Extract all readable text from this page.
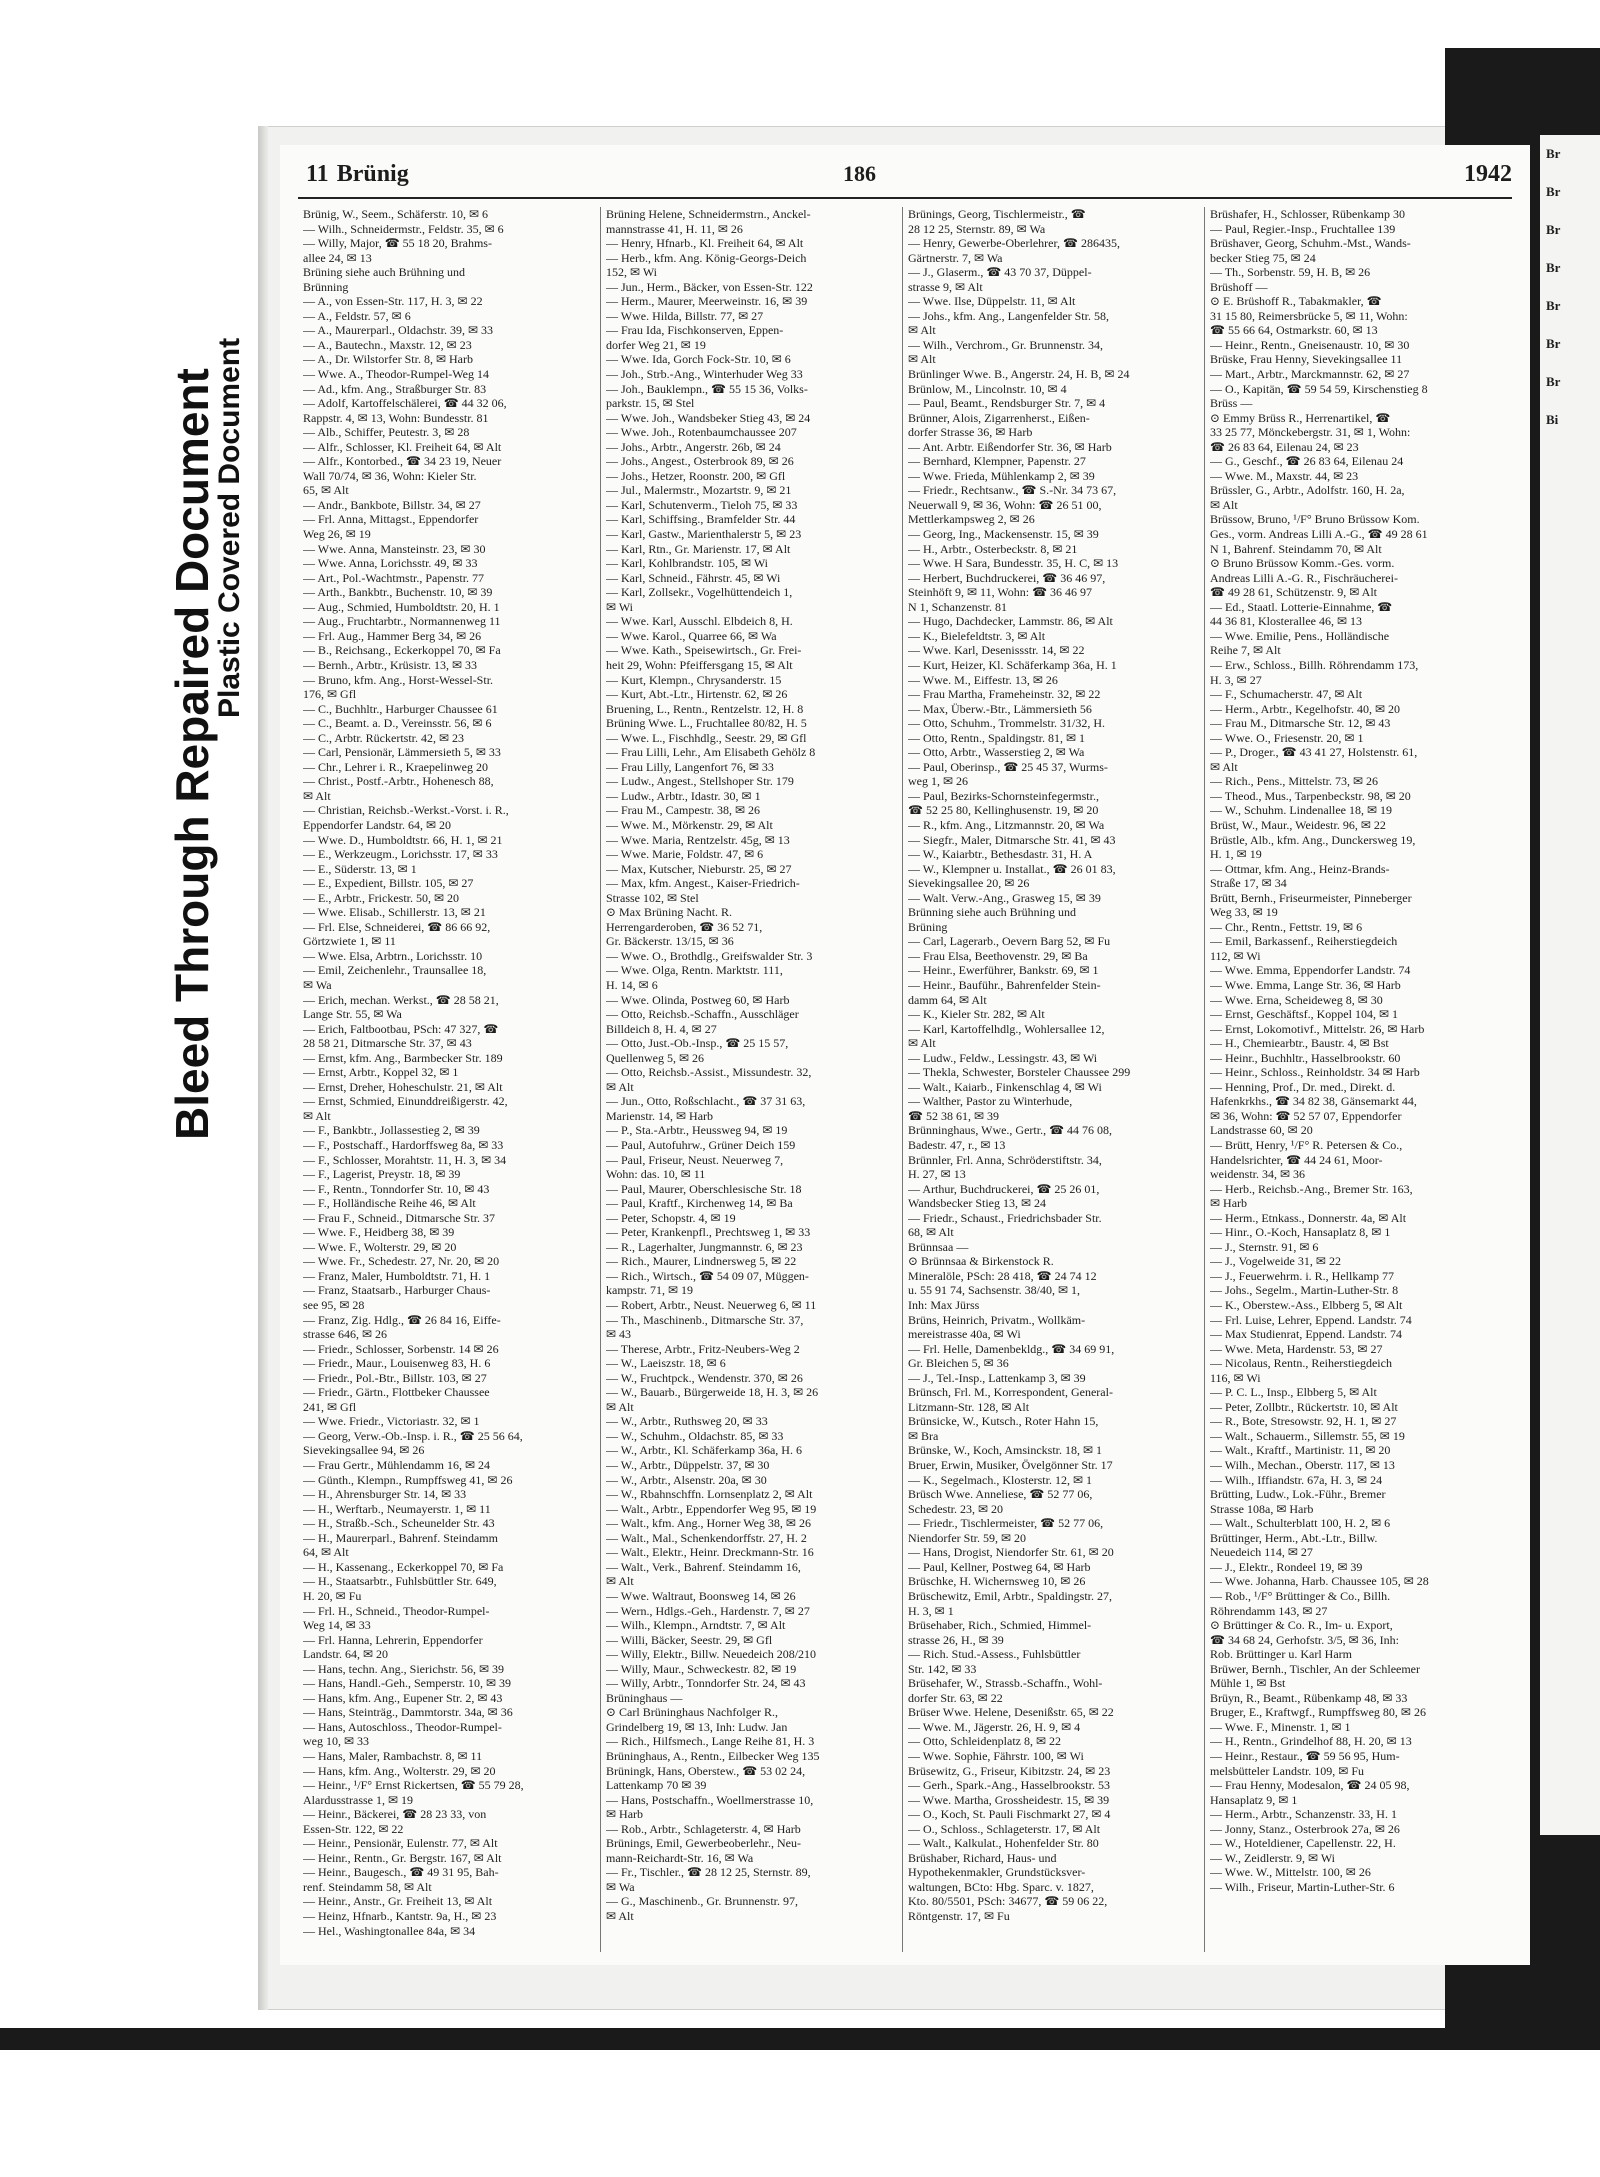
Bleed Through Repaired Document
Plastic Covered Document
Br
Br
Br
Br
Br
Br
Br
Bi
11 Brünig	186	1942

Brünig, W., Seem., Schäferstr. 10, ✉ 6

— Wilh., Schneidermstr., Feldstr. 35, ✉ 6

— Willy, Major, ☎ 55 18 20, Brahms-

allee 24, ✉ 13

Brüning siehe auch Brühning und

Brünning

— A., von Essen-Str. 117, H. 3, ✉ 22

— A., Feldstr. 57, ✉ 6

— A., Maurerparl., Oldachstr. 39, ✉ 33

— A., Bautechn., Maxstr. 12, ✉ 23

— A., Dr. Wilstorfer Str. 8, ✉ Harb

— Wwe. A., Theodor-Rumpel-Weg 14

— Ad., kfm. Ang., Straßburger Str. 83

— Adolf, Kartoffelschälerei, ☎ 44 32 06,

Rappstr. 4, ✉ 13, Wohn: Bundesstr. 81

— Alb., Schiffer, Peutestr. 3, ✉ 28

— Alfr., Schlosser, Kl. Freiheit 64, ✉ Alt

— Alfr., Kontorbed., ☎ 34 23 19, Neuer

Wall 70/74, ✉ 36, Wohn: Kieler Str.

65, ✉ Alt

— Andr., Bankbote, Billstr. 34, ✉ 27

— Frl. Anna, Mittagst., Eppendorfer

Weg 26, ✉ 19

— Wwe. Anna, Mansteinstr. 23, ✉ 30

— Wwe. Anna, Lorichsstr. 49, ✉ 33

— Art., Pol.-Wachtmstr., Papenstr. 77

— Arth., Bankbtr., Buchenstr. 10, ✉ 39

— Aug., Schmied, Humboldtstr. 20, H. 1

— Aug., Fruchtarbtr., Normannenweg 11

— Frl. Aug., Hammer Berg 34, ✉ 26

— B., Reichsang., Eckerkoppel 70, ✉ Fa

— Bernh., Arbtr., Krüsistr. 13, ✉ 33

— Bruno, kfm. Ang., Horst-Wessel-Str.

176, ✉ Gfl

— C., Buchhltr., Harburger Chaussee 61

— C., Beamt. a. D., Vereinsstr. 56, ✉ 6

— C., Arbtr. Rückertstr. 42, ✉ 23

— Carl, Pensionär, Lämmersieth 5, ✉ 33

— Chr., Lehrer i. R., Kraepelinweg 20

— Christ., Postf.-Arbtr., Hohenesch 88,

✉ Alt

— Christian, Reichsb.-Werkst.-Vorst. i. R.,

Eppendorfer Landstr. 64, ✉ 20

— Wwe. D., Humboldtstr. 66, H. 1, ✉ 21

— E., Werkzeugm., Lorichsstr. 17, ✉ 33

— E., Süderstr. 13, ✉ 1

— E., Expedient, Billstr. 105, ✉ 27

— E., Arbtr., Frickestr. 50, ✉ 20

— Wwe. Elisab., Schillerstr. 13, ✉ 21

— Frl. Else, Schneiderei, ☎ 86 66 92,

Görtzwiete 1, ✉ 11

— Wwe. Elsa, Arbtrn., Lorichsstr. 10

— Emil, Zeichenlehr., Traunsallee 18,

✉ Wa

— Erich, mechan. Werkst., ☎ 28 58 21,

Lange Str. 55, ✉ Wa

— Erich, Faltbootbau, PSch: 47 327, ☎

28 58 21, Ditmarsche Str. 37, ✉ 43

— Ernst, kfm. Ang., Barmbecker Str. 189

— Ernst, Arbtr., Koppel 32, ✉ 1

— Ernst, Dreher, Hoheschulstr. 21, ✉ Alt

— Ernst, Schmied, Einunddreißigerstr. 42,

✉ Alt

— F., Bankbtr., Jollassestieg 2, ✉ 39

— F., Postschaff., Hardorffsweg 8a, ✉ 33

— F., Schlosser, Morahtstr. 11, H. 3, ✉ 34

— F., Lagerist, Preystr. 18, ✉ 39

— F., Rentn., Tonndorfer Str. 10, ✉ 43

— F., Holländische Reihe 46, ✉ Alt

— Frau F., Schneid., Ditmarsche Str. 37

— Wwe. F., Heidberg 38, ✉ 39

— Wwe. F., Wolterstr. 29, ✉ 20

— Wwe. Fr., Schedestr. 27, Nr. 20, ✉ 20

— Franz, Maler, Humboldtstr. 71, H. 1

— Franz, Staatsarb., Harburger Chaus-

see 95, ✉ 28

— Franz, Zig. Hdlg., ☎ 26 84 16, Eiffe-

strasse 646, ✉ 26

— Friedr., Schlosser, Sorbenstr. 14 ✉ 26

— Friedr., Maur., Louisenweg 83, H. 6

— Friedr., Pol.-Btr., Billstr. 103, ✉ 27

— Friedr., Gärtn., Flottbeker Chaussee

241, ✉ Gfl

— Wwe. Friedr., Victoriastr. 32, ✉ 1

— Georg, Verw.-Ob.-Insp. i. R., ☎ 25 56 64,

Sievekingsallee 94, ✉ 26

— Frau Gertr., Mühlendamm 16, ✉ 24

— Günth., Klempn., Rumpffsweg 41, ✉ 26

— H., Ahrensburger Str. 14, ✉ 33

— H., Werftarb., Neumayerstr. 1, ✉ 11

— H., Straßb.-Sch., Scheunelder Str. 43

— H., Maurerparl., Bahrenf. Steindamm

64, ✉ Alt

— H., Kassenang., Eckerkoppel 70, ✉ Fa

— H., Staatsarbtr., Fuhlsbüttler Str. 649,

H. 20, ✉ Fu

— Frl. H., Schneid., Theodor-Rumpel-

Weg 14, ✉ 33

— Frl. Hanna, Lehrerin, Eppendorfer

Landstr. 64, ✉ 20

— Hans, techn. Ang., Sierichstr. 56, ✉ 39

— Hans, Handl.-Geh., Semperstr. 10, ✉ 39

— Hans, kfm. Ang., Eupener Str. 2, ✉ 43

— Hans, Steinträg., Dammtorstr. 34a, ✉ 36

— Hans, Autoschloss., Theodor-Rumpel-

weg 10, ✉ 33

— Hans, Maler, Rambachstr. 8, ✉ 11

— Hans, kfm. Ang., Wolterstr. 29, ✉ 20

— Heinr., ¹/F° Ernst Rickertsen, ☎ 55 79 28,

Alardusstrasse 1, ✉ 19

— Heinr., Bäckerei, ☎ 28 23 33, von

Essen-Str. 122, ✉ 22

— Heinr., Pensionär, Eulenstr. 77, ✉ Alt

— Heinr., Rentn., Gr. Bergstr. 167, ✉ Alt

— Heinr., Baugesch., ☎ 49 31 95, Bah-

renf. Steindamm 58, ✉ Alt

— Heinr., Anstr., Gr. Freiheit 13, ✉ Alt

— Heinz, Hfnarb., Kantstr. 9a, H., ✉ 23

— Hel., Washingtonallee 84a, ✉ 34

Brüning Helene, Schneidermstrn., Anckel-

mannstrasse 41, H. 11, ✉ 26

— Henry, Hfnarb., Kl. Freiheit 64, ✉ Alt

— Herb., kfm. Ang. König-Georgs-Deich

152, ✉ Wi

— Jun., Herm., Bäcker, von Essen-Str. 122

— Herm., Maurer, Meerweinstr. 16, ✉ 39

— Wwe. Hilda, Billstr. 77, ✉ 27

— Frau Ida, Fischkonserven, Eppen-

dorfer Weg 21, ✉ 19

— Wwe. Ida, Gorch Fock-Str. 10, ✉ 6

— Joh., Strb.-Ang., Winterhuder Weg 33

— Joh., Bauklempn., ☎ 55 15 36, Volks-

parkstr. 15, ✉ Stel

— Wwe. Joh., Wandsbeker Stieg 43, ✉ 24

— Wwe. Joh., Rotenbaumchaussee 207

— Johs., Arbtr., Angerstr. 26b, ✉ 24

— Johs., Angest., Osterbrook 89, ✉ 26

— Johs., Hetzer, Roonstr. 200, ✉ Gfl

— Jul., Malermstr., Mozartstr. 9, ✉ 21

— Karl, Schutenverm., Tieloh 75, ✉ 33

— Karl, Schiffsing., Bramfelder Str. 44

— Karl, Gastw., Marienthalerstr 5, ✉ 23

— Karl, Rtn., Gr. Marienstr. 17, ✉ Alt

— Karl, Kohlbrandstr. 105, ✉ Wi

— Karl, Schneid., Fährstr. 45, ✉ Wi

— Karl, Zollsekr., Vogelhüttendeich 1,

✉ Wi

— Wwe. Karl, Ausschl. Elbdeich 8, H.

— Wwe. Karol., Quarree 66, ✉ Wa

— Wwe. Kath., Speisewirtsch., Gr. Frei-

heit 29, Wohn: Pfeiffersgang 15, ✉ Alt

— Kurt, Klempn., Chrysanderstr. 15

— Kurt, Abt.-Ltr., Hirtenstr. 62, ✉ 26

Bruening, L., Rentn., Rentzelstr. 12, H. 8

Brüning Wwe. L., Fruchtallee 80/82, H. 5

— Wwe. L., Fischhdlg., Seestr. 29, ✉ Gfl

— Frau Lilli, Lehr., Am Elisabeth Gehölz 8

— Frau Lilly, Langenfort 76, ✉ 33

— Ludw., Angest., Stellshoper Str. 179

— Ludw., Arbtr., Idastr. 30, ✉ 1

— Frau M., Campestr. 38, ✉ 26

— Wwe. M., Mörkenstr. 29, ✉ Alt

— Wwe. Maria, Rentzelstr. 45g, ✉ 13

— Wwe. Marie, Foldstr. 47, ✉ 6

— Max, Kutscher, Nieburstr. 25, ✉ 27

— Max, kfm. Angest., Kaiser-Friedrich-

Strasse 102, ✉ Stel

⊙ Max Brüning Nacht. R.

Herrengarderoben, ☎ 36 52 71,

Gr. Bäckerstr. 13/15, ✉ 36

— Wwe. O., Brothdlg., Greifswalder Str. 3

— Wwe. Olga, Rentn. Marktstr. 111,

H. 14, ✉ 6

— Wwe. Olinda, Postweg 60, ✉ Harb

— Otto, Reichsb.-Schaffn., Ausschläger

Billdeich 8, H. 4, ✉ 27

— Otto, Just.-Ob.-Insp., ☎ 25 15 57,

Quellenweg 5, ✉ 26

— Otto, Reichsb.-Assist., Missundestr. 32,

✉ Alt

— Jun., Otto, Roßschlacht., ☎ 37 31 63,

Marienstr. 14, ✉ Harb

— P., Sta.-Arbtr., Heussweg 94, ✉ 19

— Paul, Autofuhrw., Grüner Deich 159

— Paul, Friseur, Neust. Neuerweg 7,

Wohn: das. 10, ✉ 11

— Paul, Maurer, Oberschlesische Str. 18

— Paul, Kraftf., Kirchenweg 14, ✉ Ba

— Peter, Schopstr. 4, ✉ 19

— Peter, Krankenpfl., Prechtsweg 1, ✉ 33

— R., Lagerhalter, Jungmannstr. 6, ✉ 23

— Rich., Maurer, Lindnersweg 5, ✉ 22

— Rich., Wirtsch., ☎ 54 09 07, Müggen-

kampstr. 71, ✉ 19

— Robert, Arbtr., Neust. Neuerweg 6, ✉ 11

— Th., Maschinenb., Ditmarsche Str. 37,

✉ 43

— Therese, Arbtr., Fritz-Neubers-Weg 2

— W., Laeiszstr. 18, ✉ 6

— W., Fruchtpck., Wendenstr. 370, ✉ 26

— W., Bauarb., Bürgerweide 18, H. 3, ✉ 26

✉ Alt

— W., Arbtr., Ruthsweg 20, ✉ 33

— W., Schuhm., Oldachstr. 85, ✉ 33

— W., Arbtr., Kl. Schäferkamp 36a, H. 6

— W., Arbtr., Düppelstr. 37, ✉ 30

— W., Arbtr., Alsenstr. 20a, ✉ 30

— W., Rbahnschffn. Lornsenplatz 2, ✉ Alt

— Walt., Arbtr., Eppendorfer Weg 95, ✉ 19

— Walt., kfm. Ang., Horner Weg 38, ✉ 26

— Walt., Mal., Schenkendorffstr. 27, H. 2

— Walt., Elektr., Heinr. Dreckmann-Str. 16

— Walt., Verk., Bahrenf. Steindamm 16,

✉ Alt

— Wwe. Waltraut, Boonsweg 14, ✉ 26

— Wern., Hdlgs.-Geh., Hardenstr. 7, ✉ 27

— Wilh., Klempn., Arndtstr. 7, ✉ Alt

— Willi, Bäcker, Seestr. 29, ✉ Gfl

— Willy, Elektr., Billw. Neuedeich 208/210

— Willy, Maur., Schweckestr. 82, ✉ 19

— Willy, Arbtr., Tonndorfer Str. 24, ✉ 43

Brüninghaus —

⊙ Carl Brüninghaus Nachfolger R.,

Grindelberg 19, ✉ 13, Inh: Ludw. Jan

— Rich., Hilfsmech., Lange Reihe 81, H. 3

Brüninghaus, A., Rentn., Eilbecker Weg 135

Brüningk, Hans, Oberstew., ☎ 53 02 24,

Lattenkamp 70 ✉ 39

— Hans, Postschaffn., Woellmerstrasse 10,

✉ Harb

— Rob., Arbtr., Schlageterstr. 4, ✉ Harb

Brünings, Emil, Gewerbeoberlehr., Neu-

mann-Reichardt-Str. 16, ✉ Wa

— Fr., Tischler., ☎ 28 12 25, Sternstr. 89,

✉ Wa

— G., Maschinenb., Gr. Brunnenstr. 97,

✉ Alt

Brünings, Georg, Tischlermeistr., ☎

28 12 25, Sternstr. 89, ✉ Wa

— Henry, Gewerbe-Oberlehrer, ☎ 286435,

Gärtnerstr. 7, ✉ Wa

— J., Glaserm., ☎ 43 70 37, Düppel-

strasse 9, ✉ Alt

— Wwe. Ilse, Düppelstr. 11, ✉ Alt

— Johs., kfm. Ang., Langenfelder Str. 58,

✉ Alt

— Wilh., Verchrom., Gr. Brunnenstr. 34,

✉ Alt

Brünlinger Wwe. B., Angerstr. 24, H. B, ✉ 24

Brünlow, M., Lincolnstr. 10, ✉ 4

— Paul, Beamt., Rendsburger Str. 7, ✉ 4

Brünner, Alois, Zigarrenherst., Eißen-

dorfer Strasse 36, ✉ Harb

— Ant. Arbtr. Eißendorfer Str. 36, ✉ Harb

— Bernhard, Klempner, Papenstr. 27

— Wwe. Frieda, Mühlenkamp 2, ✉ 39

— Friedr., Rechtsanw., ☎ S.-Nr. 34 73 67,

Neuerwall 9, ✉ 36, Wohn: ☎ 26 51 00,

Mettlerkampsweg 2, ✉ 26

— Georg, Ing., Mackensenstr. 15, ✉ 39

— H., Arbtr., Osterbeckstr. 8, ✉ 21

— Wwe. H Sara, Bundesstr. 35, H. C, ✉ 13

— Herbert, Buchdruckerei, ☎ 36 46 97,

Steinhöft 9, ✉ 11, Wohn: ☎ 36 46 97

N 1, Schanzenstr. 81

— Hugo, Dachdecker, Lammstr. 86, ✉ Alt

— K., Bielefeldtstr. 3, ✉ Alt

— Wwe. Karl, Desenissstr. 14, ✉ 22

— Kurt, Heizer, Kl. Schäferkamp 36a, H. 1

— Wwe. M., Eiffestr. 13, ✉ 26

— Frau Martha, Frameheinstr. 32, ✉ 22

— Max, Überw.-Btr., Lämmersieth 56

— Otto, Schuhm., Trommelstr. 31/32, H.

— Otto, Rentn., Spaldingstr. 81, ✉ 1

— Otto, Arbtr., Wasserstieg 2, ✉ Wa

— Paul, Oberinsp., ☎ 25 45 37, Wurms-

weg 1, ✉ 26

— Paul, Bezirks-Schornsteinfegermstr.,

☎ 52 25 80, Kellinghusenstr. 19, ✉ 20

— R., kfm. Ang., Litzmannstr. 20, ✉ Wa

— Siegfr., Maler, Ditmarsche Str. 41, ✉ 43

— W., Kaiarbtr., Bethesdastr. 31, H. A

— W., Klempner u. Installat., ☎ 26 01 83,

Sievekingsallee 20, ✉ 26

— Walt. Verw.-Ang., Grasweg 15, ✉ 39

Brünning siehe auch Brühning und

Brüning

— Carl, Lagerarb., Oevern Barg 52, ✉ Fu

— Frau Elsa, Beethovenstr. 29, ✉ Ba

— Heinr., Ewerführer, Bankstr. 69, ✉ 1

— Heinr., Bauführ., Bahrenfelder Stein-

damm 64, ✉ Alt

— K., Kieler Str. 282, ✉ Alt

— Karl, Kartoffelhdlg., Wohlersallee 12,

✉ Alt

— Ludw., Feldw., Lessingstr. 43, ✉ Wi

— Thekla, Schwester, Borsteler Chaussee 299

— Walt., Kaiarb., Finkenschlag 4, ✉ Wi

— Walther, Pastor zu Winterhude,

☎ 52 38 61, ✉ 39

Brünninghaus, Wwe., Gertr., ☎ 44 76 08,

Badestr. 47, r., ✉ 13

Brünnler, Frl. Anna, Schröderstiftstr. 34,

H. 27, ✉ 13

— Arthur, Buchdruckerei, ☎ 25 26 01,

Wandsbecker Stieg 13, ✉ 24

— Friedr., Schaust., Friedrichsbader Str.

68, ✉ Alt

Brünnsaa —

⊙ Brünnsaa & Birkenstock R.

Mineralöle, PSch: 28 418, ☎ 24 74 12

u. 55 91 74, Sachsenstr. 38/40, ✉ 1,

Inh: Max Jürss

Brüns, Heinrich, Privatm., Wollkäm-

mereistrasse 40a, ✉ Wi

— Frl. Helle, Damenbekldg., ☎ 34 69 91,

Gr. Bleichen 5, ✉ 36

— J., Tel.-Insp., Lattenkamp 3, ✉ 39

Brünsch, Frl. M., Korrespondent, General-

Litzmann-Str. 128, ✉ Alt

Brünsicke, W., Kutsch., Roter Hahn 15,

✉ Bra

Brünske, W., Koch, Amsinckstr. 18, ✉ 1

Bruer, Erwin, Musiker, Övelgönner Str. 17

— K., Segelmach., Klosterstr. 12, ✉ 1

Brüsch Wwe. Anneliese, ☎ 52 77 06,

Schedestr. 23, ✉ 20

— Friedr., Tischlermeister, ☎ 52 77 06,

Niendorfer Str. 59, ✉ 20

— Hans, Drogist, Niendorfer Str. 61, ✉ 20

— Paul, Kellner, Postweg 64, ✉ Harb

Brüschke, H. Wichernsweg 10, ✉ 26

Brüschewitz, Emil, Arbtr., Spaldingstr. 27,

H. 3, ✉ 1

Brüsehaber, Rich., Schmied, Himmel-

strasse 26, H., ✉ 39

— Rich. Stud.-Assess., Fuhlsbüttler

Str. 142, ✉ 33

Brüsehafer, W., Strassb.-Schaffn., Wohl-

dorfer Str. 63, ✉ 22

Brüser Wwe. Helene, Desenißstr. 65, ✉ 22

— Wwe. M., Jägerstr. 26, H. 9, ✉ 4

— Otto, Schleidenplatz 8, ✉ 22

— Wwe. Sophie, Fährstr. 100, ✉ Wi

Brüsewitz, G., Friseur, Kibitzstr. 24, ✉ 23

— Gerh., Spark.-Ang., Hasselbrookstr. 53

— Wwe. Martha, Grossheidestr. 15, ✉ 39

— O., Koch, St. Pauli Fischmarkt 27, ✉ 4

— O., Schloss., Schlageterstr. 17, ✉ Alt

— Walt., Kalkulat., Hohenfelder Str. 80

Brüshaber, Richard, Haus- und

Hypothekenmakler, Grundstücksver-

waltungen, BCto: Hbg. Sparc. v. 1827,

Kto. 80/5501, PSch: 34677, ☎ 59 06 22,

Röntgenstr. 17, ✉ Fu

Brüshafer, H., Schlosser, Rübenkamp 30

— Paul, Regier.-Insp., Fruchtallee 139

Brüshaver, Georg, Schuhm.-Mst., Wands-

becker Stieg 75, ✉ 24

— Th., Sorbenstr. 59, H. B, ✉ 26

Brüshoff —

⊙ E. Brüshoff R., Tabakmakler, ☎

31 15 80, Reimersbrücke 5, ✉ 11, Wohn:

☎ 55 66 64, Ostmarkstr. 60, ✉ 13

— Heinr., Rentn., Gneisenaustr. 10, ✉ 30

Brüske, Frau Henny, Sievekingsallee 11

— Mart., Arbtr., Marckmannstr. 62, ✉ 27

— O., Kapitän, ☎ 59 54 59, Kirschenstieg 8

Brüss —

⊙ Emmy Brüss R., Herrenartikel, ☎

33 25 77, Mönckebergstr. 31, ✉ 1, Wohn:

☎ 26 83 64, Eilenau 24, ✉ 23

— G., Geschf., ☎ 26 83 64, Eilenau 24

— Wwe. M., Maxstr. 44, ✉ 23

Brüssler, G., Arbtr., Adolfstr. 160, H. 2a,

✉ Alt

Brüssow, Bruno, ¹/F° Bruno Brüssow Kom.

Ges., vorm. Andreas Lilli A.-G., ☎ 49 28 61

N 1, Bahrenf. Steindamm 70, ✉ Alt

⊙ Bruno Brüssow Komm.-Ges. vorm.

Andreas Lilli A.-G. R., Fischräucherei-

☎ 49 28 61, Schützenstr. 9, ✉ Alt

— Ed., Staatl. Lotterie-Einnahme, ☎

44 36 81, Klosterallee 46, ✉ 13

— Wwe. Emilie, Pens., Holländische

Reihe 7, ✉ Alt

— Erw., Schloss., Billh. Röhrendamm 173,

H. 3, ✉ 27

— F., Schumacherstr. 47, ✉ Alt

— Herm., Arbtr., Kegelhofstr. 40, ✉ 20

— Frau M., Ditmarsche Str. 12, ✉ 43

— Wwe. O., Friesenstr. 20, ✉ 1

— P., Droger., ☎ 43 41 27, Holstenstr. 61,

✉ Alt

— Rich., Pens., Mittelstr. 73, ✉ 26

— Theod., Mus., Tarpenbeckstr. 98, ✉ 20

— W., Schuhm. Lindenallee 18, ✉ 19

Brüst, W., Maur., Weidestr. 96, ✉ 22

Brüstle, Alb., kfm. Ang., Dunckersweg 19,

H. 1, ✉ 19

— Ottmar, kfm. Ang., Heinz-Brands-

Straße 17, ✉ 34

Brütt, Bernh., Friseurmeister, Pinneberger

Weg 33, ✉ 19

— Chr., Rentn., Fettstr. 19, ✉ 6

— Emil, Barkassenf., Reiherstiegdeich

112, ✉ Wi

— Wwe. Emma, Eppendorfer Landstr. 74

— Wwe. Emma, Lange Str. 36, ✉ Harb

— Wwe. Erna, Scheideweg 8, ✉ 30

— Ernst, Geschäftsf., Koppel 104, ✉ 1

— Ernst, Lokomotivf., Mittelstr. 26, ✉ Harb

— H., Chemiearbtr., Baustr. 4, ✉ Bst

— Heinr., Buchhltr., Hasselbrookstr. 60

— Heinr., Schloss., Reinholdstr. 34 ✉ Harb

— Henning, Prof., Dr. med., Direkt. d.

Hafenkrkhs., ☎ 34 82 38, Gänsemarkt 44,

✉ 36, Wohn: ☎ 52 57 07, Eppendorfer

Landstrasse 60, ✉ 20

— Brütt, Henry, ¹/F° R. Petersen & Co.,

Handelsrichter, ☎ 44 24 61, Moor-

weidenstr. 34, ✉ 36

— Herb., Reichsb.-Ang., Bremer Str. 163,

✉ Harb

— Herm., Etnkass., Donnerstr. 4a, ✉ Alt

— Hinr., O.-Koch, Hansaplatz 8, ✉ 1

— J., Sternstr. 91, ✉ 6

— J., Vogelweide 31, ✉ 22

— J., Feuerwehrm. i. R., Hellkamp 77

— Johs., Segelm., Martin-Luther-Str. 8

— K., Oberstew.-Ass., Elbberg 5, ✉ Alt

— Frl. Luise, Lehrer, Eppend. Landstr. 74

— Max Studienrat, Eppend. Landstr. 74

— Wwe. Meta, Hardenstr. 53, ✉ 27

— Nicolaus, Rentn., Reiherstiegdeich

116, ✉ Wi

— P. C. L., Insp., Elbberg 5, ✉ Alt

— Peter, Zollbtr., Rückertstr. 10, ✉ Alt

— R., Bote, Stresowstr. 92, H. 1, ✉ 27

— Walt., Schauerm., Sillemstr. 55, ✉ 19

— Walt., Kraftf., Martinistr. 11, ✉ 20

— Wilh., Mechan., Oberstr. 117, ✉ 13

— Wilh., Iffiandstr. 67a, H. 3, ✉ 24

Brütting, Ludw., Lok.-Führ., Bremer

Strasse 108a, ✉ Harb

— Walt., Schulterblatt 100, H. 2, ✉ 6

Brüttinger, Herm., Abt.-Ltr., Billw.

Neuedeich 114, ✉ 27

— J., Elektr., Rondeel 19, ✉ 39

— Wwe. Johanna, Harb. Chaussee 105, ✉ 28

— Rob., ¹/F° Brüttinger & Co., Billh.

Röhrendamm 143, ✉ 27

⊙ Brüttinger & Co. R., Im- u. Export,

☎ 34 68 24, Gerhofstr. 3/5, ✉ 36, Inh:

Rob. Brüttinger u. Karl Harm

Brüwer, Bernh., Tischler, An der Schleemer

Mühle 1, ✉ Bst

Brüyn, R., Beamt., Rübenkamp 48, ✉ 33

Bruger, E., Kraftwgf., Rumpffsweg 80, ✉ 26

— Wwe. F., Minenstr. 1, ✉ 1

— H., Rentn., Grindelhof 88, H. 20, ✉ 13

— Heinr., Restaur., ☎ 59 56 95, Hum-

melsbütteler Landstr. 109, ✉ Fu

— Frau Henny, Modesalon, ☎ 24 05 98,

Hansaplatz 9, ✉ 1

— Herm., Arbtr., Schanzenstr. 33, H. 1

— Jonny, Stanz., Osterbrook 27a, ✉ 26

— W., Hoteldiener, Capellenstr. 22, H.

— W., Zeidlerstr. 9, ✉ Wi

— Wwe. W., Mittelstr. 100, ✉ 26

— Wilh., Friseur, Martin-Luther-Str. 6
